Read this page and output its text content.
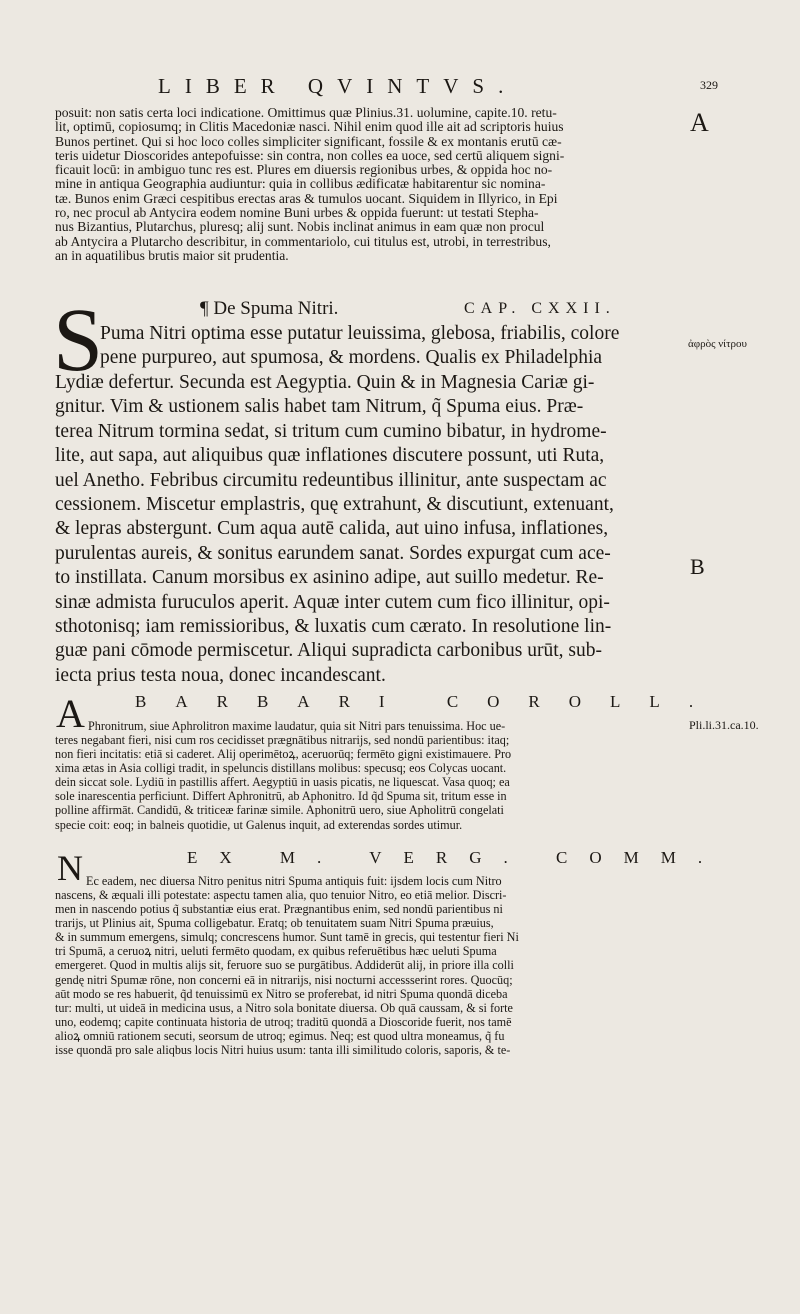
LIBER QVINTVS.	329
A
ἀφρὸς νίτρου
B
Pli.li.31.ca.10.
posuit: non satis certa loci indicatione. Omittimus quæ Plinius.31. uolumine, capite.10. retu-
lit, optimū, copiosumq; in Clitis Macedoniæ nasci. Nihil enim quod ille ait ad scriptoris huius
Bunos pertinet. Qui si hoc loco colles simpliciter significant, fossile & ex montanis erutū cæ-
teris uidetur Dioscorides antepofuisse: sin contra, non colles ea uoce, sed certū aliquem signi-
ficauit locū: in ambiguo tunc res est. Plures em diuersis regionibus urbes, & oppida hoc no-
mine in antiqua Geographia audiuntur: quia in collibus ædificatæ habitarentur sic nomina-
tæ. Bunos enim Græci cespitibus erectas aras & tumulos uocant. Siquidem in Illyrico, in Epi
ro, nec procul ab Antycira eodem nomine Buni urbes & oppida fuerunt: ut testati Stepha-
nus Bizantius, Plutarchus, pluresq; alij sunt. Nobis inclinat animus in eam quæ non procul
ab Antycira a Plutarcho describitur, in commentariolo, cui titulus est, utrobi, in terrestribus,
an in aquatilibus brutis maior sit prudentia.
S	¶ De Spuma Nitri.	CAP. CXXII.
Puma Nitri optima esse putatur leuissima, glebosa, friabilis, colore
pene purpureo, aut spumosa, & mordens. Qualis ex Philadelphia
Lydiæ defertur. Secunda est Aegyptia. Quin & in Magnesia Cariæ gi-
gnitur. Vim & ustionem salis habet tam Nitrum, q̃ Spuma eius. Præ-
terea Nitrum tormina sedat, si tritum cum cumino bibatur, in hydrome-
lite, aut sapa, aut aliquibus quæ inflationes discutere possunt, uti Ruta,
uel Anetho. Febribus circumitu redeuntibus illinitur, ante suspectam ac
cessionem. Miscetur emplastris, quę extrahunt, & discutiunt, extenuant,
& lepras abstergunt. Cum aqua autē calida, aut uino infusa, inflationes,
purulentas aureis, & sonitus earundem sanat. Sordes expurgat cum ace-
to instillata. Canum morsibus ex asinino adipe, aut suillo medetur. Re-
sinæ admista furuculos aperit. Aquæ inter cutem cum fico illinitur, opi-
sthotonisq; iam remissioribus, & luxatis cum cærato. In resolutione lin-
guæ pani cōmode permiscetur. Aliqui supradicta carbonibus urūt, sub-
iecta prius testa noua, donec incandescant.
BARBARI COROLL.
A Phronitrum, siue Aphrolitron maxime laudatur, quia sit Nitri pars tenuissima. Hoc ue-
teres negabant fieri, nisi cum ros cecidisset prægnātibus nitrarijs, sed nondū parientibus: itaq;
non fieri incitatis: etiā si caderet. Alij operimētoꝝ, aceruorūq; fermēto gigni existimauere. Pro
xima ætas in Asia colligi tradit, in speluncis distillans molibus: specusq; eos Colycas uocant.
dein siccat sole. Lydiū in pastillis affert. Aegyptiū in uasis picatis, ne liquescat. Vasa quoq; ea
sole inarescentia perficiunt. Differt Aphronitrū, ab Aphonitro. Id q̃d Spuma sit, tritum esse in
polline affirmāt. Candidū, & triticeæ farinæ simile. Aphonitrū uero, siue Apholitrū congelati
specie coit: eoq; in balneis quotidie, ut Galenus inquit, ad exterendas sordes utimur.
EX M. VERG. COMM.
N Ec eadem, nec diuersa Nitro penitus nitri Spuma antiquis fuit: ijsdem locis cum Nitro
nascens, & æquali illi potestate: aspectu tamen alia, quo tenuior Nitro, eo etiā melior. Discri-
men in nascendo potius q̃ substantiæ eius erat. Prægnantibus enim, sed nondū parientibus ni
trarijs, ut Plinius ait, Spuma colligebatur. Eratq; ob tenuitatem suam Nitri Spuma præuius,
& in summum emergens, simulq; concrescens humor. Sunt tamē in grecis, qui testentur fieri Ni
tri Spumā, a ceruoꝝ nitri, ueluti fermēto quodam, ex quibus referuētibus hæc ueluti Spuma
emergeret. Quod in multis alijs sit, feruore suo se purgātibus. Addiderūt alij, in priore illa colli
gendę nitri Spumæ rōne, non concerni eā in nitrarijs, nisi nocturni accessserint rores. Quocūq;
aūt modo se res habuerit, q̃d tenuissimū ex Nitro se proferebat, id nitri Spuma quondā diceba
tur: multi, ut uideā in medicina usus, a Nitro sola bonitate diuersa. Ob quā caussam, & si forte
uno, eodemq; capite continuata historia de utroq; traditū quondā a Dioscoride fuerit, nos tamē
alioꝝ omniū rationem secuti, seorsum de utroq; egimus. Neq; est quod ultra moneamus, q̃ fu
isse quondā pro sale aliqbus locis Nitri huius usum: tanta illi similitudo coloris, saporis, & te-
